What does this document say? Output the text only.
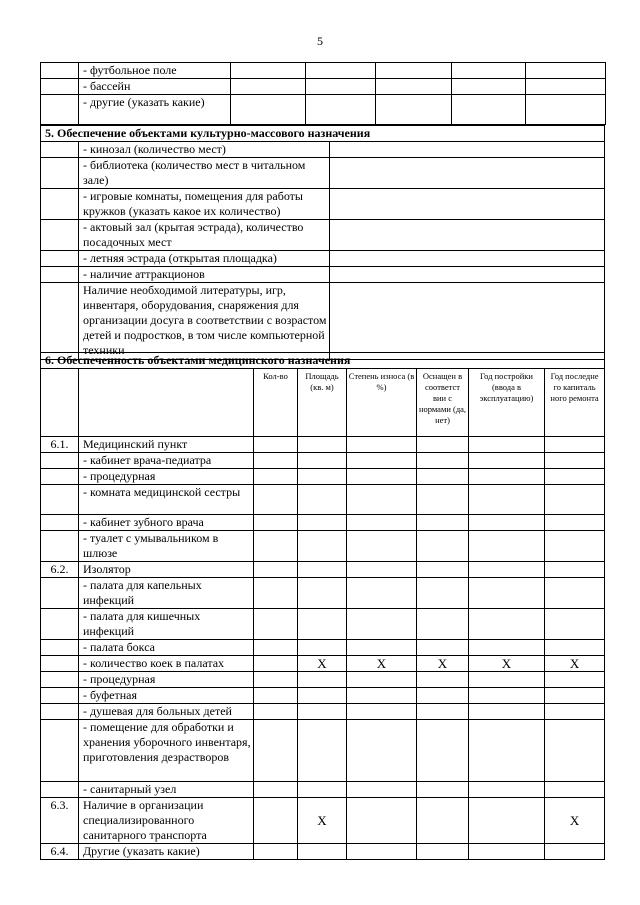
5
	- футбольное поле					
	- бассейн					
	- другие (указать какие)					
5. Обеспечение объектами культурно-массового назначения		
	- кинозал (количество мест)	
	- библиотека (количество мест в читальном зале)	
	- игровые комнаты, помещения для работы кружков (указать какое их количество)	
	- актовый зал (крытая эстрада), количество посадочных мест	
	- летняя эстрада (открытая площадка)	
	- наличие аттракционов	
	Наличие необходимой литературы, игр, инвентаря, оборудования, снаряжения для организации досуга в соответствии с возрастом детей и подростков, в том числе компьютерной техники	
6. Обеспеченность объектами медицинского назначения							
		Кол-во	Площадь (кв. м)	Степень износа (в %)	Оснащен в соответст вии с нормами (да, нет)	Год постройки (ввода в эксплуатацию)	Год последне го капиталь ного ремонта
6.1.	Медицинский пункт						
	- кабинет врача-педиатра						
	- процедурная						
	- комната медицинской сестры						
	- кабинет зубного врача						
	- туалет с умывальником в шлюзе						
6.2.	Изолятор						
	- палата для капельных инфекций						
	- палата для кишечных инфекций						
	- палата бокса						
	- количество коек в палатах		X	X	X	X	X
	- процедурная						
	- буфетная						
	- душевая для больных детей						
	- помещение для обработки и хранения уборочного инвентаря, приготовления дезрастворов						
	- санитарный узел						
6.3.	Наличие в организации специализированного санитарного транспорта		X				X
6.4.	Другие (указать какие)						
